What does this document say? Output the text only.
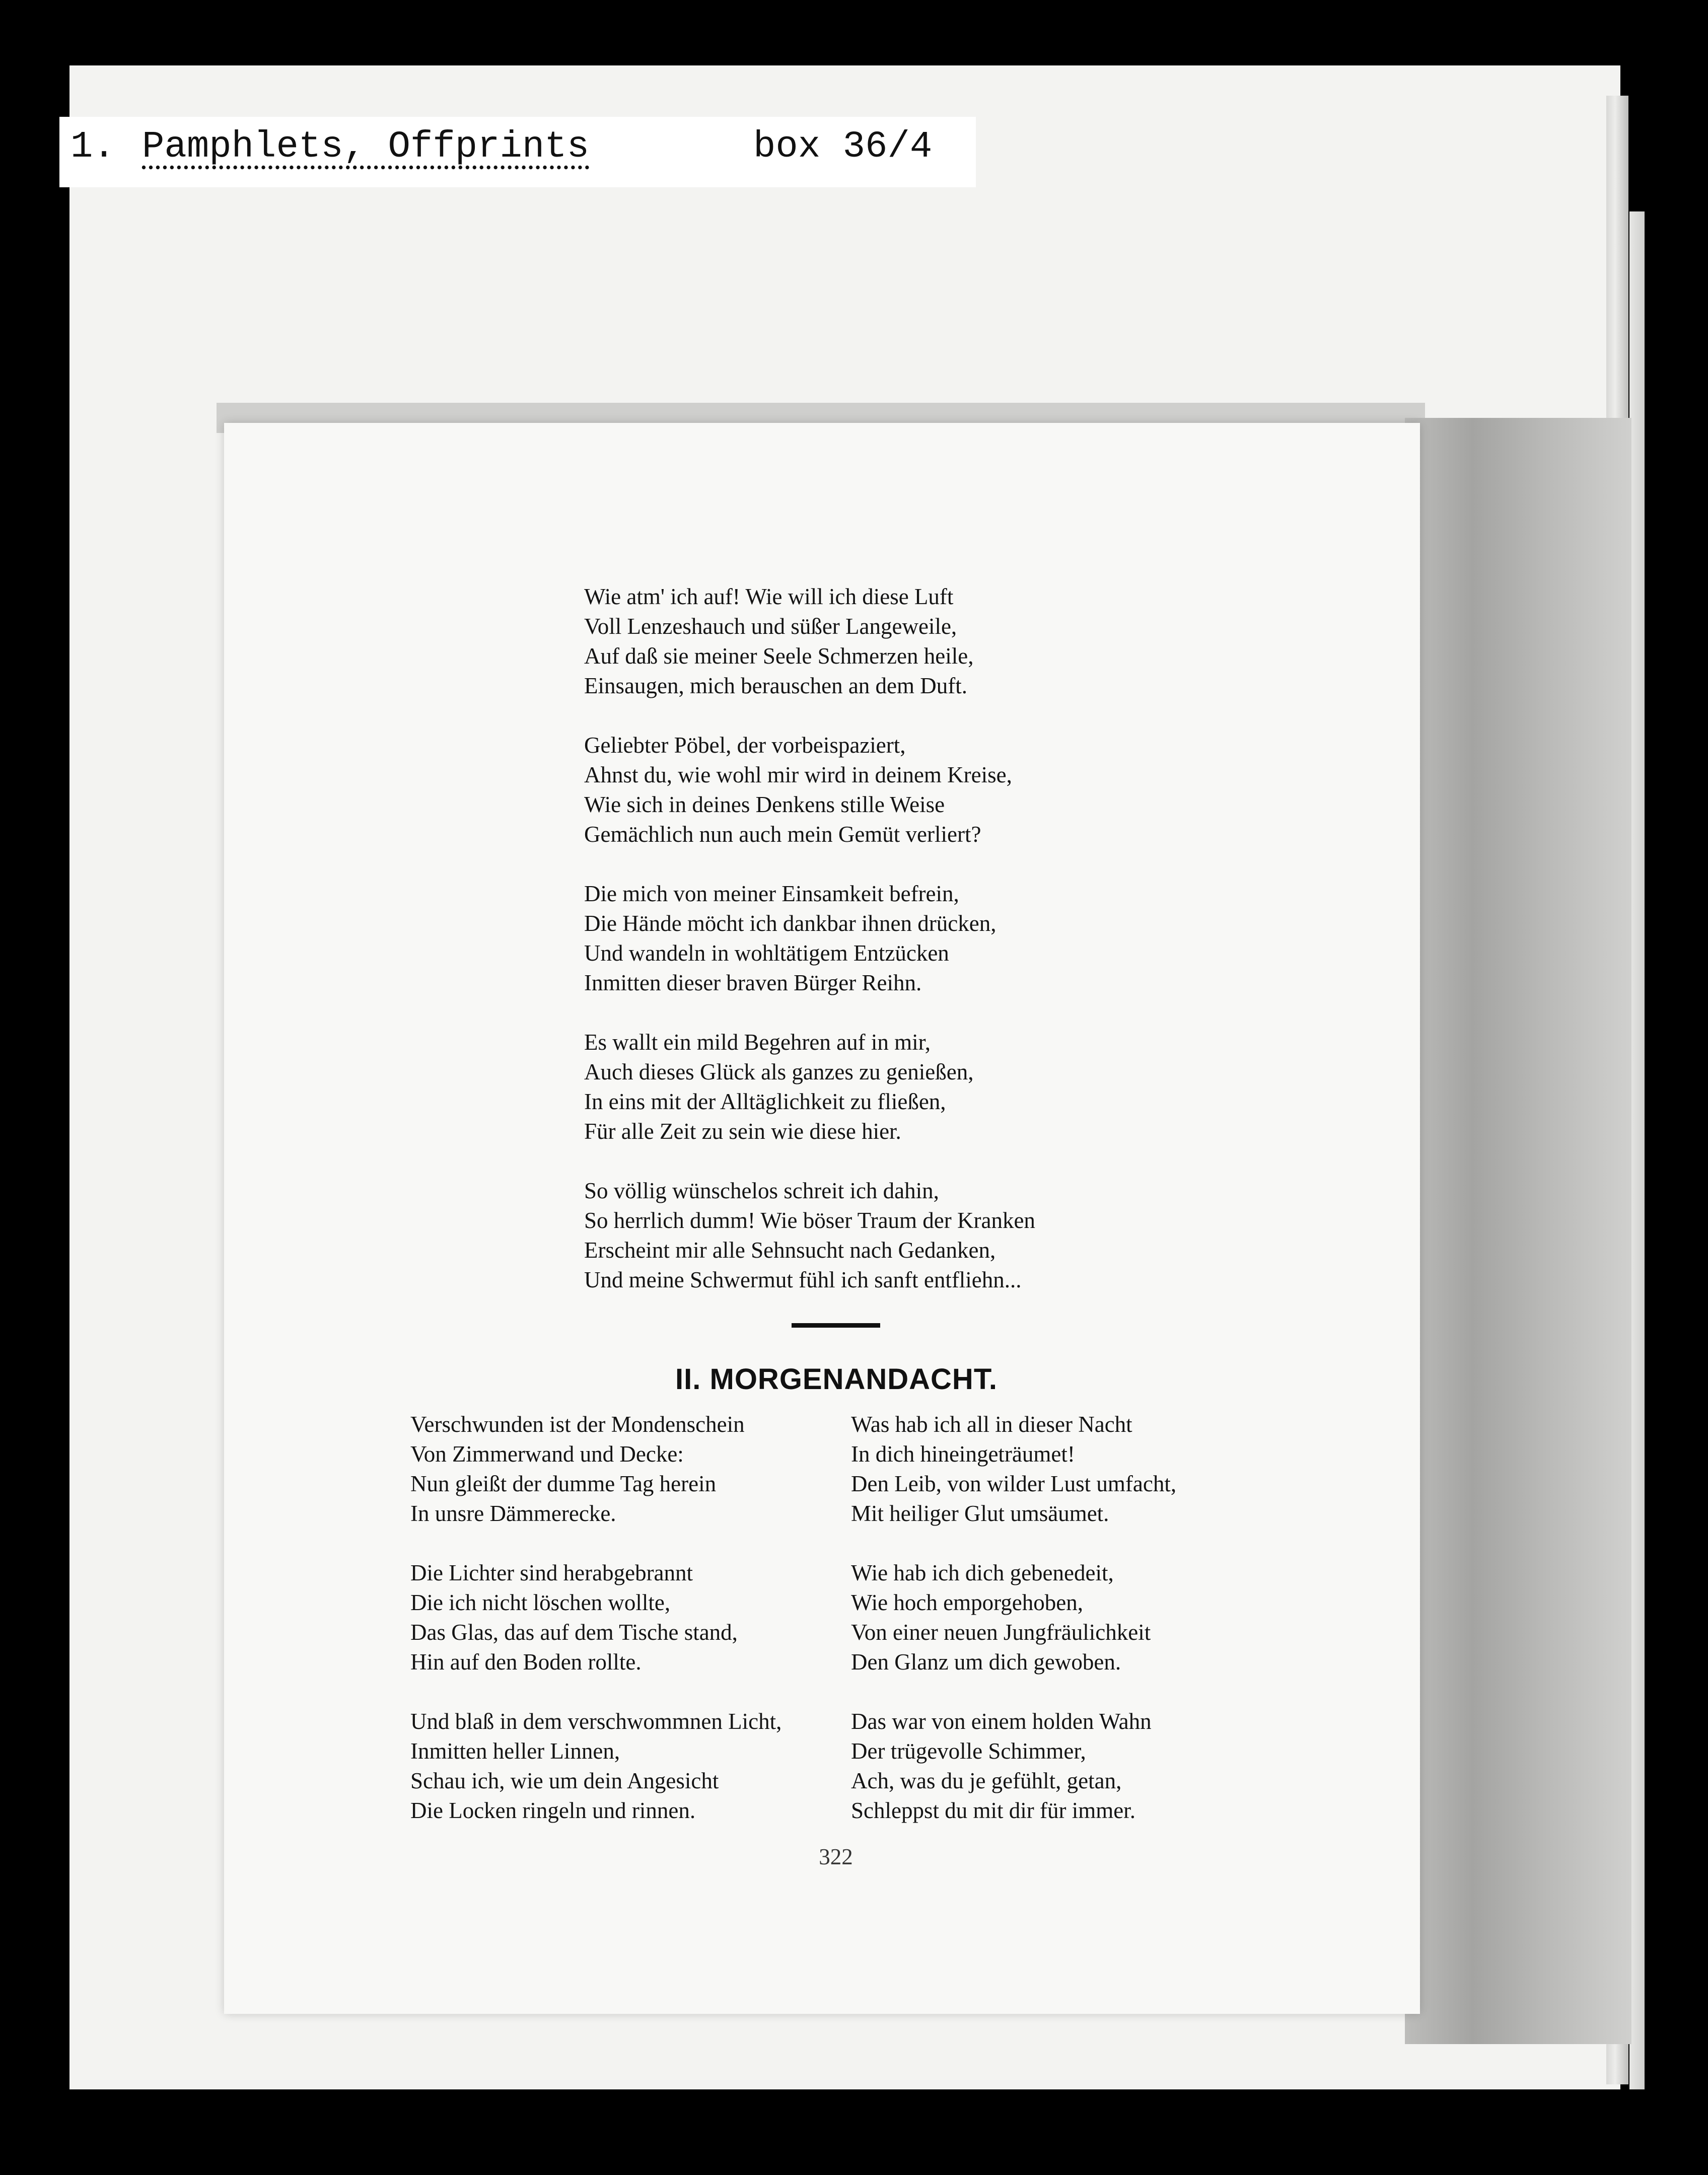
1. Pamphlets, Offprints	box 36/4

Wie atm' ich auf! Wie will ich diese Luft

Voll Lenzeshauch und süßer Langeweile,

Auf daß sie meiner Seele Schmerzen heile,

Einsaugen, mich berauschen an dem Duft.

Geliebter Pöbel, der vorbeispaziert,

Ahnst du, wie wohl mir wird in deinem Kreise,

Wie sich in deines Denkens stille Weise

Gemächlich nun auch mein Gemüt verliert?

Die mich von meiner Einsamkeit befrein,

Die Hände möcht ich dankbar ihnen drücken,

Und wandeln in wohltätigem Entzücken

Inmitten dieser braven Bürger Reihn.

Es wallt ein mild Begehren auf in mir,

Auch dieses Glück als ganzes zu genießen,

In eins mit der Alltäglichkeit zu fließen,

Für alle Zeit zu sein wie diese hier.

So völlig wünschelos schreit ich dahin,

So herrlich dumm! Wie böser Traum der Kranken

Erscheint mir alle Sehnsucht nach Gedanken,

Und meine Schwermut fühl ich sanft entfliehn...

II. MORGENANDACHT.

Verschwunden ist der Mondenschein

Von Zimmerwand und Decke:

Nun gleißt der dumme Tag herein

In unsre Dämmerecke.

Die Lichter sind herabgebrannt

Die ich nicht löschen wollte,

Das Glas, das auf dem Tische stand,

Hin auf den Boden rollte.

Und blaß in dem verschwommnen Licht,

Inmitten heller Linnen,

Schau ich, wie um dein Angesicht

Die Locken ringeln und rinnen.

Was hab ich all in dieser Nacht

In dich hineingeträumet!

Den Leib, von wilder Lust umfacht,

Mit heiliger Glut umsäumet.

Wie hab ich dich gebenedeit,

Wie hoch emporgehoben,

Von einer neuen Jungfräulichkeit

Den Glanz um dich gewoben.

Das war von einem holden Wahn

Der trügevolle Schimmer,

Ach, was du je gefühlt, getan,

Schleppst du mit dir für immer.

322
